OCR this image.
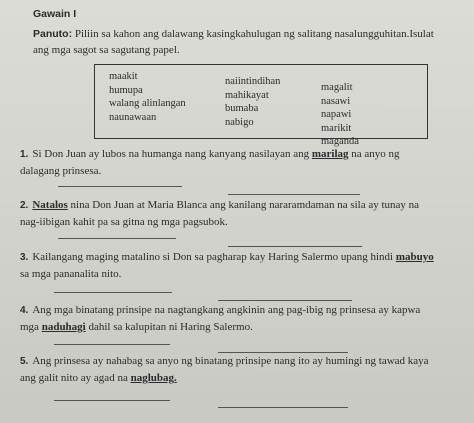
Gawain I
Panuto: Piliin sa kahon ang dalawang kasingkahulugan ng salitang nasalungguhitan.Isulat ang mga sagot sa sagutang papel.
maakit
humupa
walang alinlangan
naunawaan
naiintindihan
mahikayat
bumaba
nabigo
magalit
nasawi
napawi
marikit
maganda
1. Si Don Juan ay lubos na humanga nang kanyang nasilayan ang marilag na anyo ng dalagang prinsesa.
2. Natalos nina Don Juan at Maria Blanca ang kanilang nararamdaman na sila ay tunay na nag-iibigan kahit pa sa gitna ng mga pagsubok.
3. Kailangang maging matalino si Don sa pagharap kay Haring Salermo upang hindi mabuyo sa mga pananalita nito.
4. Ang mga binatang prinsipe na nagtangkang angkinin ang pag-ibig ng prinsesa ay kapwa mga naduhagi dahil sa kalupitan ni Haring Salermo.
5. Ang prinsesa ay nahabag sa anyo ng binatang prinsipe nang ito ay humingi ng tawad kaya ang galit nito ay agad na naglubag.
